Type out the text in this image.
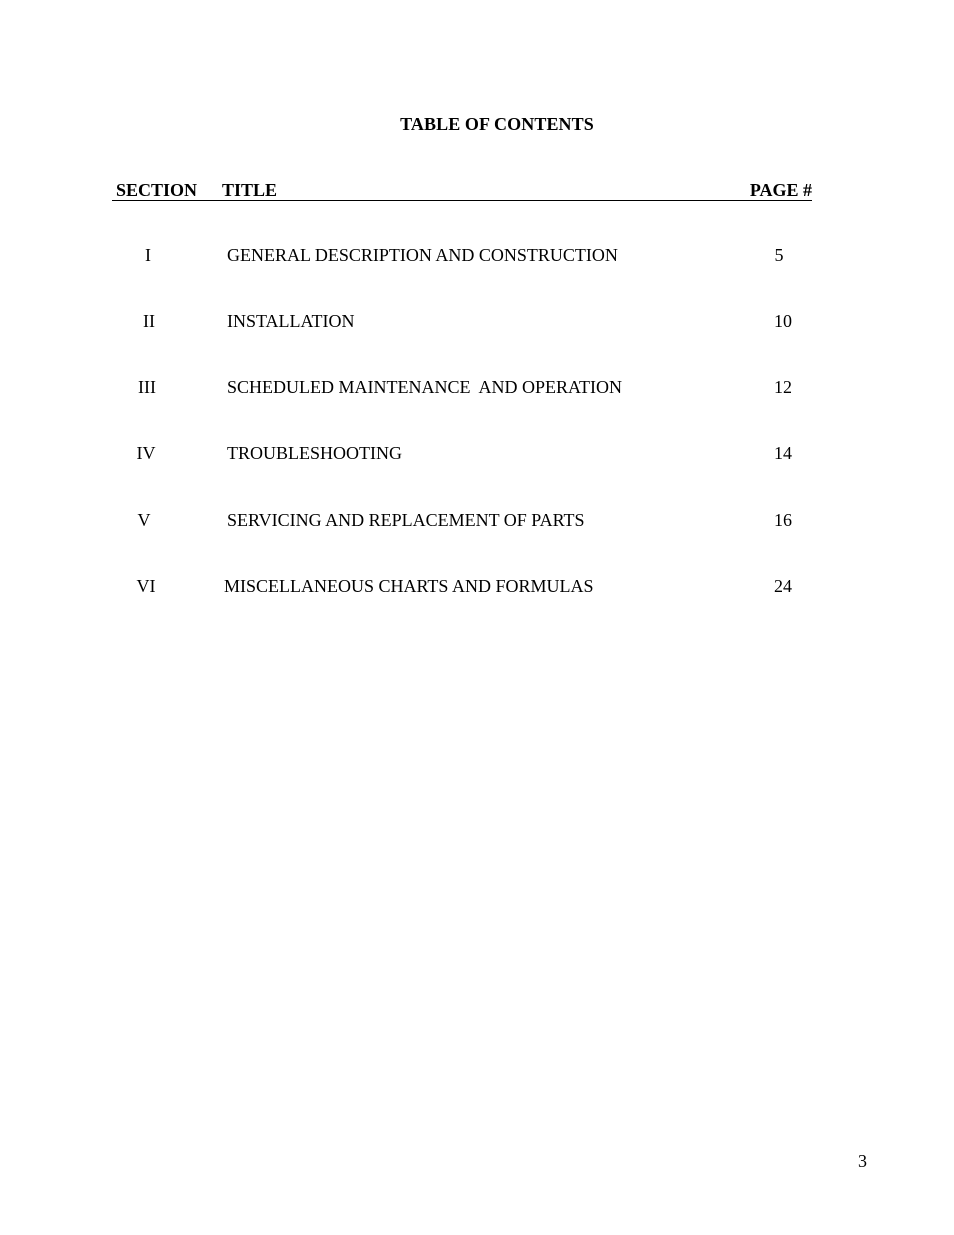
TABLE OF CONTENTS
SECTION TITLE	PAGE #
I	GENERAL DESCRIPTION AND CONSTRUCTION	5
II	INSTALLATION	10
III	SCHEDULED MAINTENANCE  AND OPERATION	12
IV	TROUBLESHOOTING	14
V	SERVICING AND REPLACEMENT OF PARTS	16
VI	MISCELLANEOUS CHARTS AND FORMULAS	24
3
